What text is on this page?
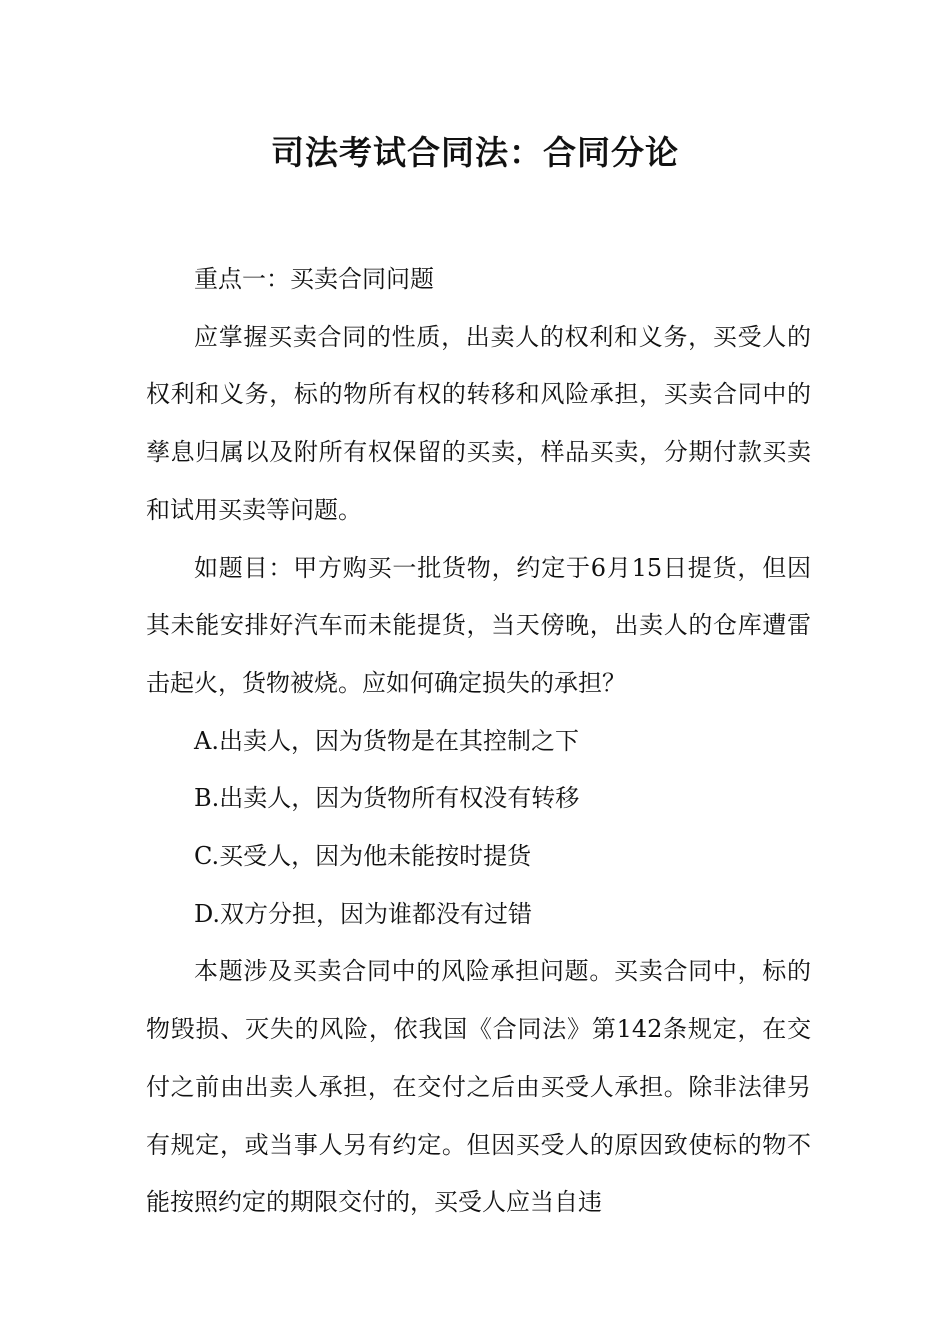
司法考试合同法：合同分论

重点一：买卖合同问题

应掌握买卖合同的性质，出卖人的权利和义务，买受人的权利和义务，标的物所有权的转移和风险承担，买卖合同中的孳息归属以及附所有权保留的买卖，样品买卖，分期付款买卖和试用买卖等问题。

如题目：甲方购买一批货物，约定于6月15日提货，但因其未能安排好汽车而未能提货，当天傍晚，出卖人的仓库遭雷击起火，货物被烧。应如何确定损失的承担？

A.出卖人，因为货物是在其控制之下

B.出卖人，因为货物所有权没有转移

C.买受人，因为他未能按时提货

D.双方分担，因为谁都没有过错

本题涉及买卖合同中的风险承担问题。买卖合同中，标的物毁损、灭失的风险，依我国《合同法》第142条规定，在交付之前由出卖人承担，在交付之后由买受人承担。除非法律另有规定，或当事人另有约定。但因买受人的原因致使标的物不能按照约定的期限交付的，买受人应当自违
